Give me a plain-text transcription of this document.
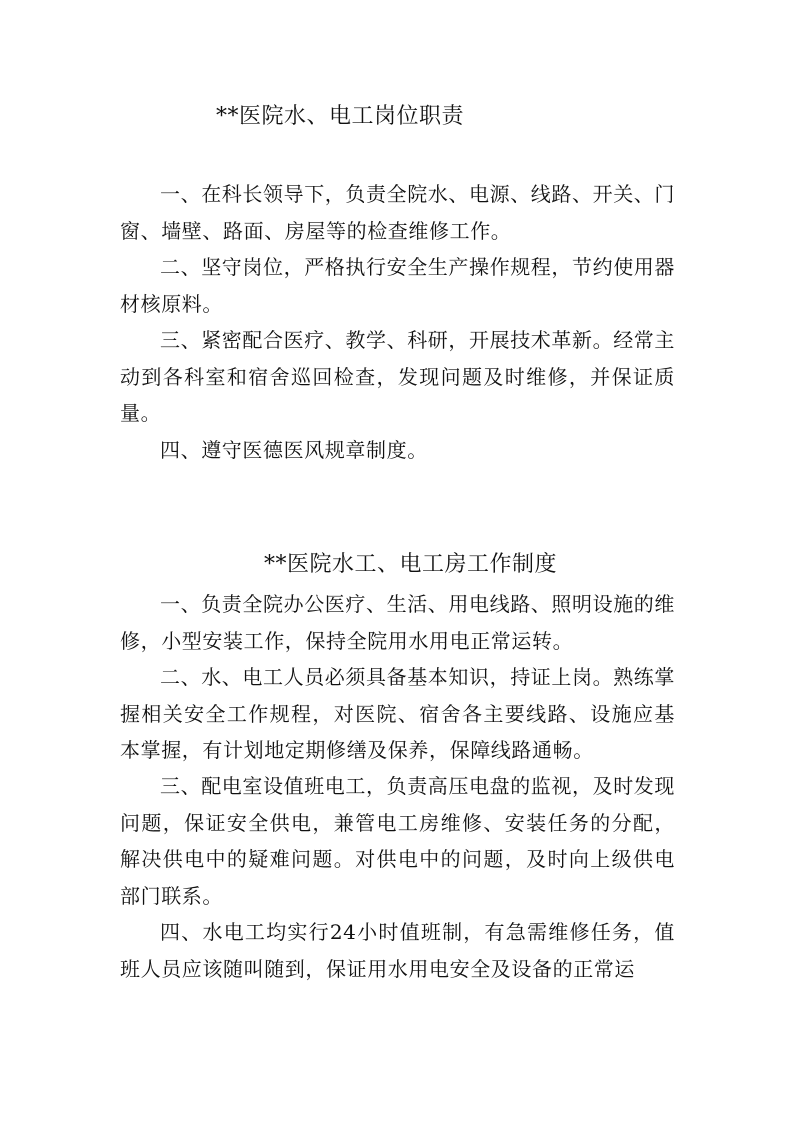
**医院水、电工岗位职责

一、在科长领导下，负责全院水、电源、线路、开关、门窗、墙壁、路面、房屋等的检查维修工作。

二、坚守岗位，严格执行安全生产操作规程，节约使用器材核原料。

三、紧密配合医疗、教学、科研，开展技术革新。经常主动到各科室和宿舍巡回检查，发现问题及时维修，并保证质量。

四、遵守医德医风规章制度。

**医院水工、电工房工作制度

一、负责全院办公医疗、生活、用电线路、照明设施的维修，小型安装工作，保持全院用水用电正常运转。

二、水、电工人员必须具备基本知识，持证上岗。熟练掌握相关安全工作规程，对医院、宿舍各主要线路、设施应基本掌握，有计划地定期修缮及保养，保障线路通畅。

三、配电室设值班电工，负责高压电盘的监视，及时发现问题，保证安全供电，兼管电工房维修、安装任务的分配，解决供电中的疑难问题。对供电中的问题，及时向上级供电部门联系。

四、水电工均实行24小时值班制，有急需维修任务，值班人员应该随叫随到，保证用水用电安全及设备的正常运
